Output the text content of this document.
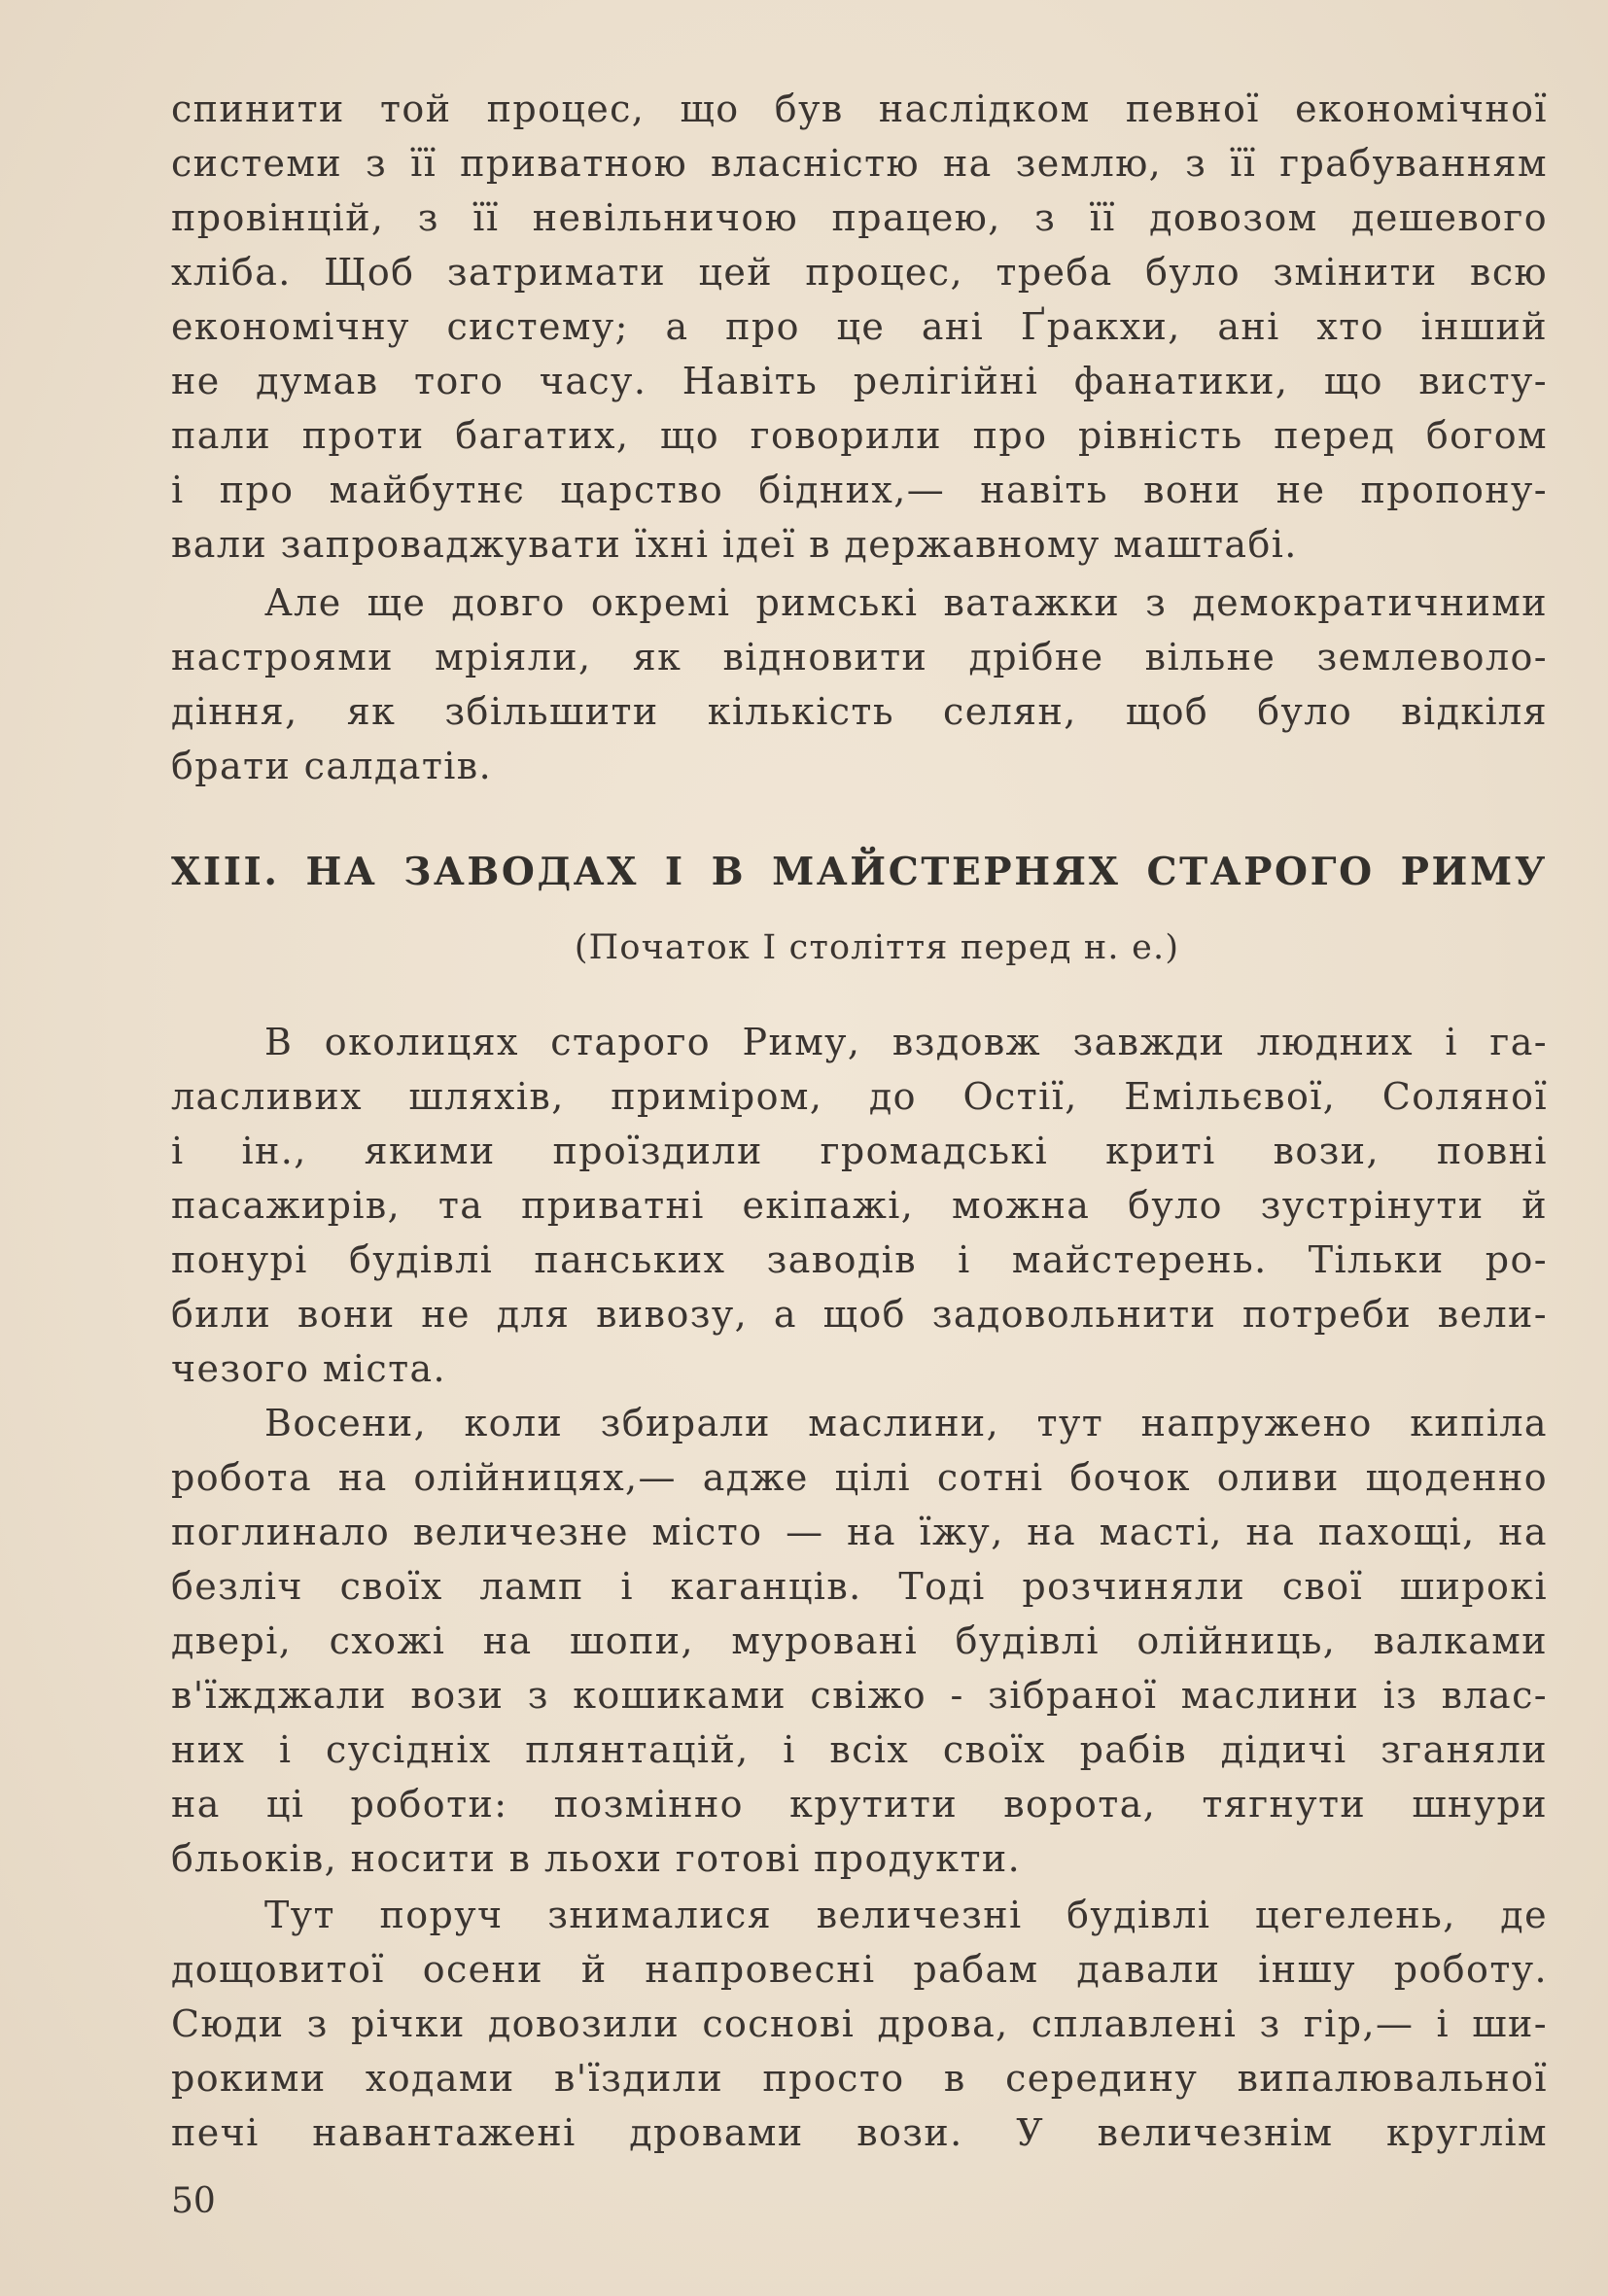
спинити той процес, що був наслідком певної економічної
системи з її приватною власністю на землю, з її грабуванням
провінцій, з її невільничою працею, з її довозом дешевого
хліба. Щоб затримати цей процес, треба було змінити всю
економічну систему; а про це ані Ґракхи, ані хто інший
не думав того часу. Навіть релігійні фанатики, що висту-
пали проти багатих, що говорили про рівність перед богом
і про майбутнє царство бідних,— навіть вони не пропону-
вали запроваджувати їхні ідеї в державному маштабі.
Але ще довго окремі римські ватажки з демократичними
настроями мріяли, як відновити дрібне вільне землеволо-
діння, як збільшити кількість селян, щоб було відкіля
брати салдатів.
XIII. НА ЗАВОДАХ І В МАЙСТЕРНЯХ СТАРОГО РИМУ
(Початок I століття перед н. е.)
В околицях старого Риму, вздовж завжди людних і га-
ласливих шляхів, приміром, до Остії, Емільєвої, Соляної
і ін., якими проїздили громадські криті вози, повні
пасажирів, та приватні екіпажі, можна було зустрінути й
понурі будівлі панських заводів і майстерень. Тільки ро-
били вони не для вивозу, а щоб задовольнити потреби вели-
чезого міста.
Восени, коли збирали маслини, тут напружено кипіла
робота на олійницях,— адже цілі сотні бочок оливи щоденно
поглинало величезне місто — на їжу, на масті, на пахощі, на
безліч своїх ламп і каганців. Тоді розчиняли свої широкі
двері, схожі на шопи, муровані будівлі олійниць, валками
в'їжджали вози з кошиками свіжо - зібраної маслини із влас-
них і сусідніх плянтацій, і всіх своїх рабів дідичі зганяли
на ці роботи: позмінно крутити ворота, тягнути шнури
бльоків, носити в льохи готові продукти.
Тут поруч знималися величезні будівлі цегелень, де
дощовитої осени й напровесні рабам давали іншу роботу.
Сюди з річки довозили соснові дрова, сплавлені з гір,— і ши-
рокими ходами в'їздили просто в середину випалювальної
печі навантажені дровами вози. У величезнім круглім
50
